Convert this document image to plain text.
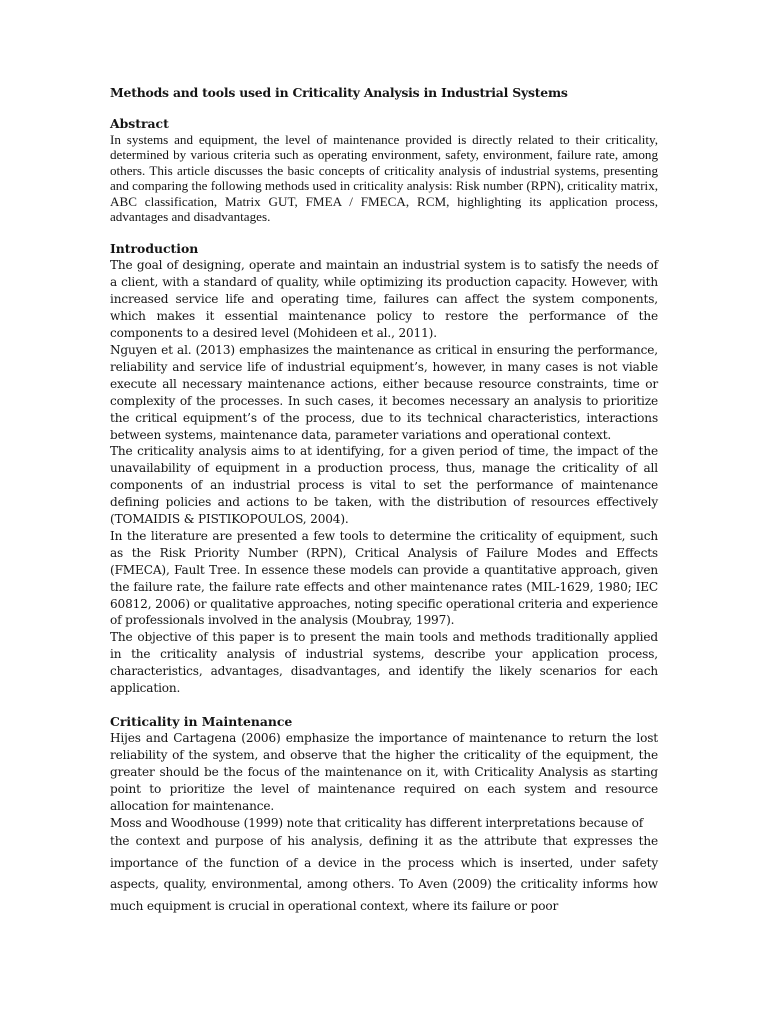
Methods and tools used in Criticality Analysis in Industrial Systems
Abstract

In systems and equipment, the level of maintenance provided is directly related to their criticality, determined by various criteria such as operating environment, safety, environment, failure rate, among others. This article discusses the basic concepts of criticality analysis of industrial systems, presenting and comparing the following methods used in criticality analysis: Risk number (RPN), criticality matrix, ABC classification, Matrix GUT, FMEA / FMECA, RCM, highlighting its application process, advantages and disadvantages.

Introduction

The goal of designing, operate and maintain an industrial system is to satisfy the needs of a client, with a standard of quality, while optimizing its production capacity. However, with increased service life and operating time, failures can affect the system components, which makes it essential maintenance policy to restore the performance of the components to a desired level (Mohideen et al., 2011).

Nguyen et al. (2013) emphasizes the maintenance as critical in ensuring the performance, reliability and service life of industrial equipment’s, however, in many cases is not viable execute all necessary maintenance actions, either because resource constraints, time or complexity of the processes. In such cases, it becomes necessary an analysis to prioritize the critical equipment’s of the process, due to its technical characteristics, interactions between systems, maintenance data, parameter variations and operational context.

The criticality analysis aims to at identifying, for a given period of time, the impact of the unavailability of equipment in a production process, thus, manage the criticality of all components of an industrial process is vital to set the performance of maintenance defining policies and actions to be taken, with the distribution of resources effectively (TOMAIDIS & PISTIKOPOULOS, 2004).

In the literature are presented a few tools to determine the criticality of equipment, such as the Risk Priority Number (RPN), Critical Analysis of Failure Modes and Effects (FMECA), Fault Tree. In essence these models can provide a quantitative approach, given the failure rate, the failure rate effects and other maintenance rates (MIL-1629, 1980; IEC 60812, 2006) or qualitative approaches, noting specific operational criteria and experience of professionals involved in the analysis (Moubray, 1997).

The objective of this paper is to present the main tools and methods traditionally applied in the criticality analysis of industrial systems, describe your application process, characteristics, advantages, disadvantages, and identify the likely scenarios for each application.

Criticality in Maintenance

Hijes and Cartagena (2006) emphasize the importance of maintenance to return the lost reliability of the system, and observe that the higher the criticality of the equipment, the greater should be the focus of the maintenance on it, with Criticality Analysis as starting point to prioritize the level of maintenance required on each system and resource allocation for maintenance.

Moss and Woodhouse (1999) note that criticality has different interpretations because of

the context and purpose of his analysis, defining it as the attribute that expresses the importance of the function of a device in the process which is inserted, under safety aspects, quality, environmental, among others. To Aven (2009) the criticality informs how much equipment is crucial in operational context, where its failure or poor
